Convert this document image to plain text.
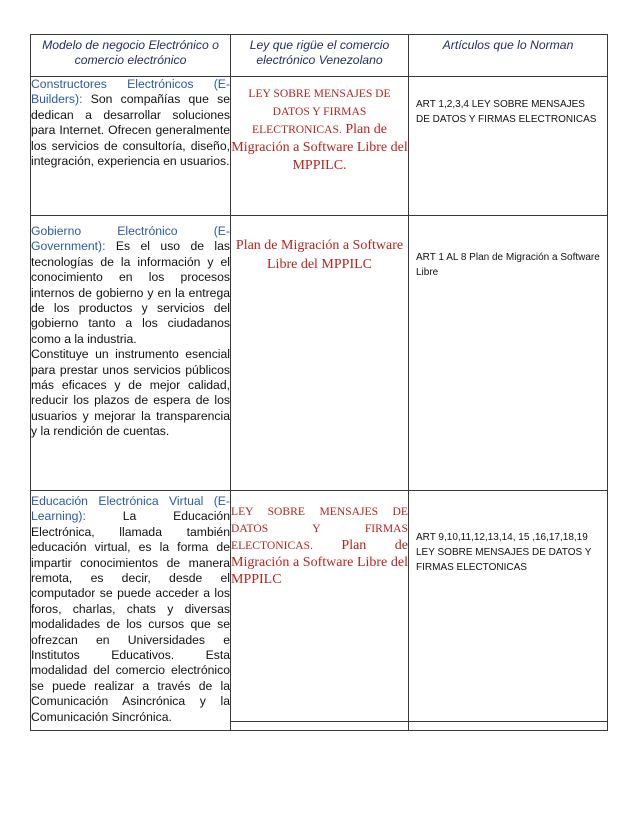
Modelo de negocio Electrónico o comercio electrónico	Ley que rigüe el comercio electrónico Venezolano	Artículos que lo Norman
Constructores Electrónicos (E-Builders): Son compañías que se dedican a desarrollar soluciones para Internet. Ofrecen generalmente los servicios de consultoría, diseño, integración, experiencia en usuarios.	LEY SOBRE MENSAJES DE DATOS Y FIRMAS ELECTRONICAS. Plan de Migración a Software Libre del MPPILC.	ART 1,2,3,4 LEY SOBRE MENSAJES DE DATOS Y FIRMAS ELECTRONICAS
Gobierno Electrónico (E-Government): Es el uso de las tecnologías de la información y el conocimiento en los procesos internos de gobierno y en la entrega de los productos y servicios del gobierno tanto a los ciudadanos como a la industria.
Constituye un instrumento esencial para prestar unos servicios públicos más eficaces y de mejor calidad, reducir los plazos de espera de los usuarios y mejorar la transparencia y la rendición de cuentas.	Plan de Migración a Software Libre del MPPILC	ART 1 AL 8 Plan de Migración a Software Libre
Educación Electrónica Virtual (E-Learning): La Educación Electrónica, llamada también educación virtual, es la forma de impartir conocimientos de manera remota, es decir, desde el computador se puede acceder a los foros, charlas, chats y diversas modalidades de los cursos que se ofrezcan en Universidades e Institutos Educativos. Esta modalidad del comercio electrónico se puede realizar a través de la Comunicación Asincrónica y la Comunicación Sincrónica.	LEY SOBRE MENSAJES DE DATOS Y FIRMAS ELECTONICAS. Plan de Migración a Software Libre del MPPILC	ART 9,10,11,12,13,14, 15 ,16,17,18,19 LEY SOBRE MENSAJES DE DATOS Y FIRMAS ELECTONICAS
